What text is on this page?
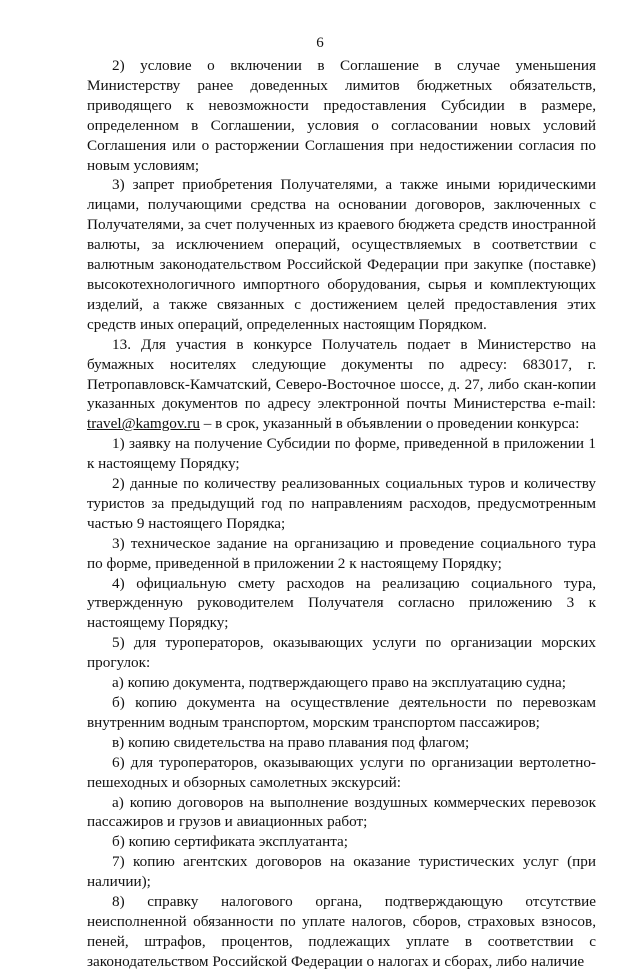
6

2) условие о включении в Соглашение в случае уменьшения Министерству ранее доведенных лимитов бюджетных обязательств, приводящего к невозможности предоставления Субсидии в размере, определенном в Соглашении, условия о согласовании новых условий Соглашения или о расторжении Соглашения при недостижении согласия по новым условиям;

3) запрет приобретения Получателями, а также иными юридическими лицами, получающими средства на основании договоров, заключенных с Получателями, за счет полученных из краевого бюджета средств иностранной валюты, за исключением операций, осуществляемых в соответствии с валютным законодательством Российской Федерации при закупке (поставке) высокотехнологичного импортного оборудования, сырья и комплектующих изделий, а также связанных с достижением целей предоставления этих средств иных операций, определенных настоящим Порядком.

13. Для участия в конкурсе Получатель подает в Министерство на бумажных носителях следующие документы по адресу: 683017, г. Петропавловск-Камчатский, Северо-Восточное шоссе, д. 27, либо скан-копии указанных документов по адресу электронной почты Министерства e-mail: travel@kamgov.ru – в срок, указанный в объявлении о проведении конкурса:

1) заявку на получение Субсидии по форме, приведенной в приложении 1 к настоящему Порядку;

2) данные по количеству реализованных социальных туров и количеству туристов за предыдущий год по направлениям расходов, предусмотренным частью 9 настоящего Порядка;

3) техническое задание на организацию и проведение социального тура по форме, приведенной в приложении 2 к настоящему Порядку;

4) официальную смету расходов на реализацию социального тура, утвержденную руководителем Получателя согласно приложению 3 к настоящему Порядку;

5) для туроператоров, оказывающих услуги по организации морских прогулок:

а) копию документа, подтверждающего право на эксплуатацию судна;

б) копию документа на осуществление деятельности по перевозкам внутренним водным транспортом, морским транспортом пассажиров;

в) копию свидетельства на право плавания под флагом;

6) для туроператоров, оказывающих услуги по организации вертолетно-пешеходных и обзорных самолетных экскурсий:

а) копию договоров на выполнение воздушных коммерческих перевозок пассажиров и грузов и авиационных работ;

б) копию сертификата эксплуатанта;

7) копию агентских договоров на оказание туристических услуг (при наличии);

8) справку налогового органа, подтверждающую отсутствие неисполненной обязанности по уплате налогов, сборов, страховых взносов, пеней, штрафов, процентов, подлежащих уплате в соответствии с законодательством Российской Федерации о налогах и сборах, либо наличие
